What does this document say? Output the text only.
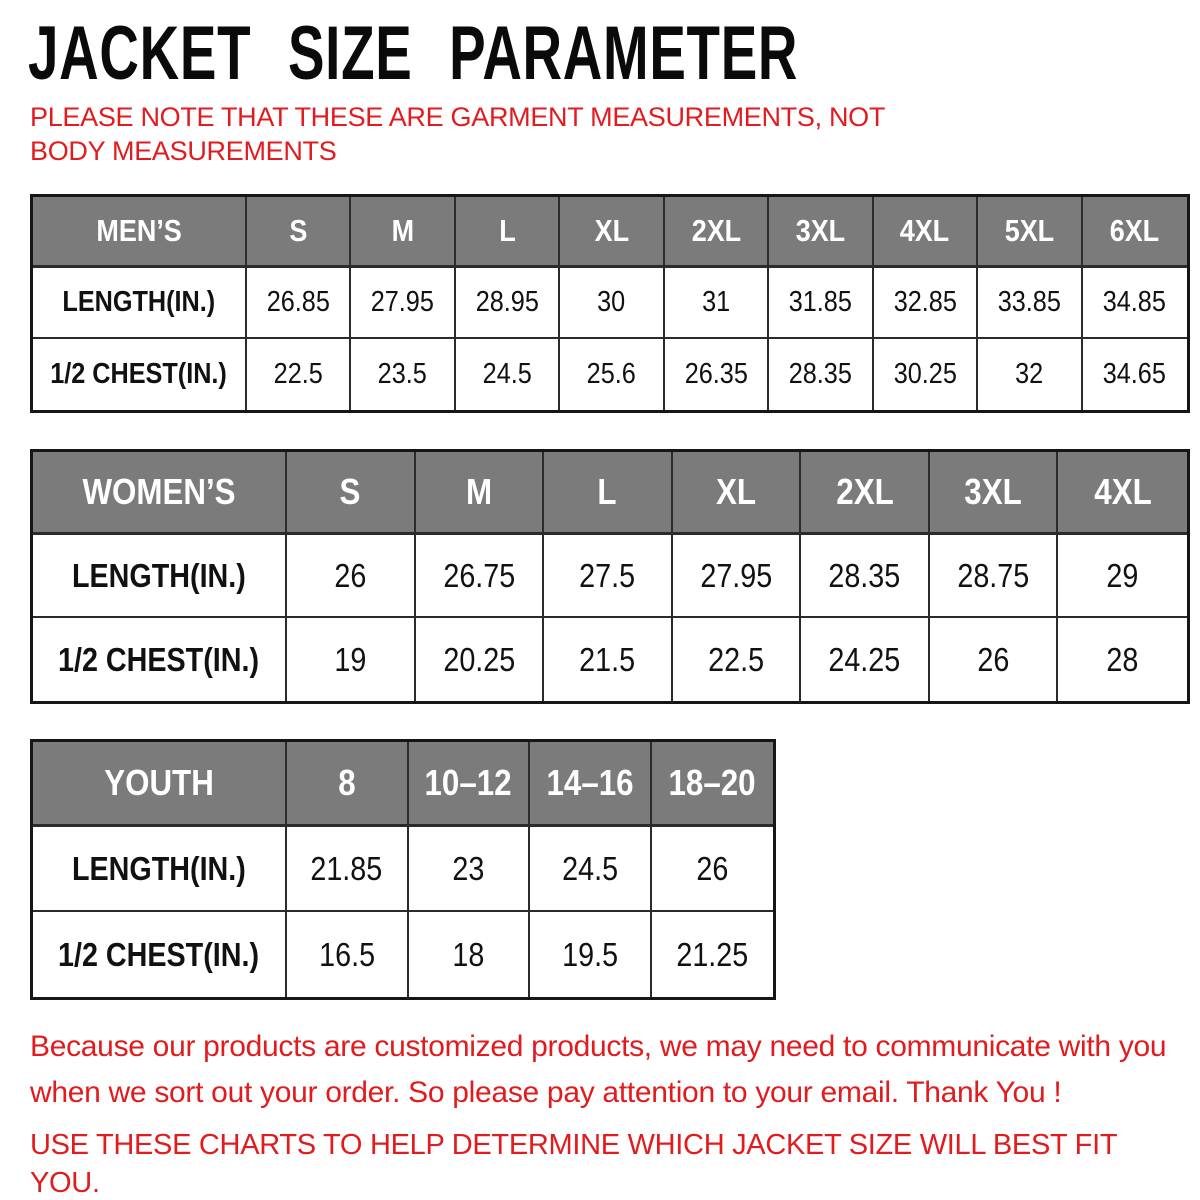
JACKET SIZE PARAMETER

PLEASE NOTE THAT THESE ARE GARMENT MEASUREMENTS, NOT BODY MEASUREMENTS

MEN’S	S	M	L	XL 2XL 3XL 4XL 5XL 6XL
LENGTH(IN.) 26.85 27.95 28.95 30	31 31.85 32.85 33.85 34.85
1/2 CHEST(IN.) 22.5 23.5 24.5 25.6 26.35 28.35 30.25 32 34.65
WOMEN’S	S	M	L	XL 2XL 3XL 4XL
LENGTH(IN.)	26 26.75 27.5 27.95 28.35 28.75 29
1/2 CHEST(IN.) 19 20.25 21.5 22.5 24.25 26	28
YOUTH	8 10–12 14–16 18–20
LENGTH(IN.) 21.85 23 24.5 26
1/2 CHEST(IN.) 16.5 18 19.5 21.25

Because our products are customized products, we may need to communicate with you when we sort out your order. So please pay attention to your email. Thank You !

USE THESE CHARTS TO HELP DETERMINE WHICH JACKET SIZE WILL BEST FIT YOU.
